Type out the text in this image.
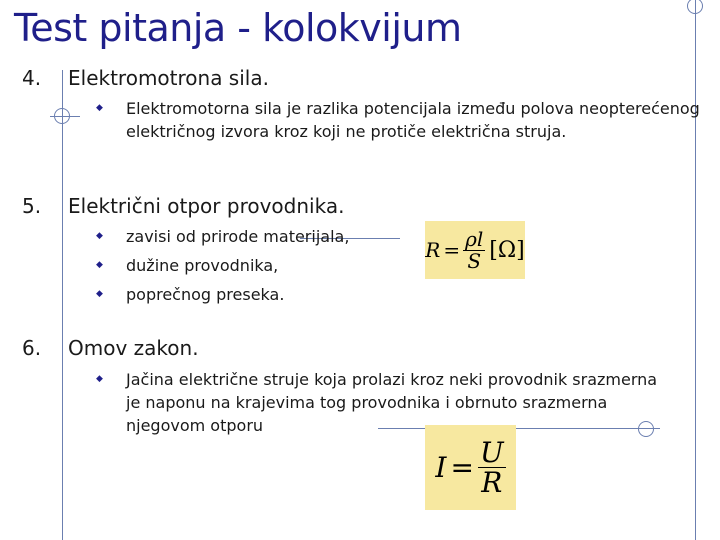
Test pitanja - kolokvijum
4. Elektromotrona sila.
◆ Elektromotorna sila je razlika potencijala između polova neopterećenog električnog izvora kroz koji ne protiče električna struja.
5. Električni otpor provodnika.
◆ zavisi od prirode materijala,
◆ dužine provodnika,
◆ poprečnog preseka.
$R = \frac{\rho l}{S} [\Omega]$
6. Omov zakon.
◆ Jačina električne struje koja prolazi kroz neki provodnik srazmerna je naponu na krajevima tog provodnika i obrnuto srazmerna njegovom otporu
$I = \frac{U}{R}$
